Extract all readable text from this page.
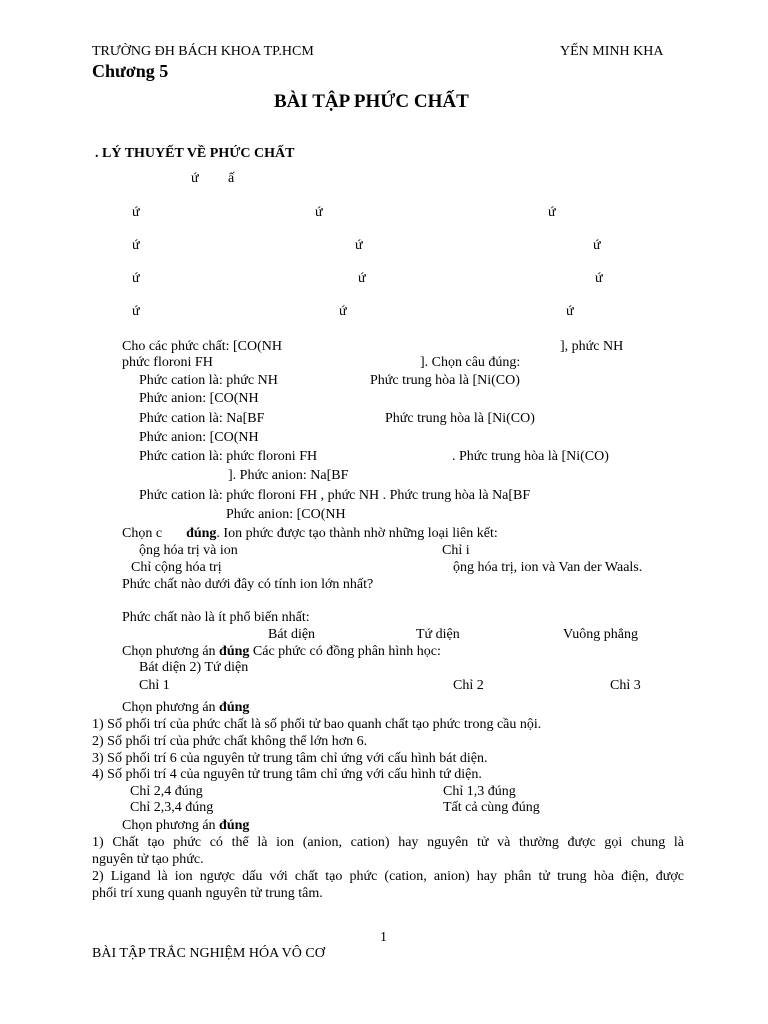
TRƯỜNG ĐH BÁCH KHOA TP.HCM	YẾN MINH KHA
Chương 5
BÀI TẬP PHỨC CHẤT
. LÝ THUYẾT VỀ PHỨC CHẤT
ứ ấ
ứ	ứ	ứ
ứ	ứ	ứ
ứ	ứ	ứ
ứ	ứ	ứ
Cho các phức chất: [CO(NH	], phức NH
phức floroni FH	]. Chọn câu đúng:
Phức cation là: phức NH	Phức trung hòa là [Ni(CO)
Phức anion: [CO(NH
Phức cation là: Na[BF	Phức trung hòa là [Ni(CO)
Phức anion: [CO(NH
Phức cation là: phức floroni FH	. Phức trung hòa là [Ni(CO)
]. Phức anion: Na[BF
Phức cation là: phức floroni FH , phức NH . Phức trung hòa là Na[BF
Phức anion: [CO(NH
Chọn c đúng. Ion phức được tạo thành nhờ những loại liên kết:
ộng hóa trị và ion	Chỉ i
Chỉ cộng hóa trị	ộng hóa trị, ion và Van der Waals.
Phức chất nào dưới đây có tính ion lớn nhất?
Phức chất nào là ít phổ biến nhất:
Bát diện	Tứ diện	Vuông phẳng
Chọn phương án đúng Các phức có đồng phân hình học:
Bát diện 2) Tứ diện
Chỉ 1	Chỉ 2	Chỉ 3
Chọn phương án đúng
1) Số phối trí của phức chất là số phối tử bao quanh chất tạo phức trong cầu nội.
2) Số phối trí của phức chất không thể lớn hơn 6.
3) Số phối trí 6 của nguyên tử trung tâm chỉ ứng với cấu hình bát diện.
4) Số phối trí 4 của nguyên tử trung tâm chỉ ứng với cấu hình tứ diện.
Chỉ 2,4 đúng	Chỉ 1,3 đúng
Chỉ 2,3,4 đúng	Tất cả cùng đúng
Chọn phương án đúng
1) Chất tạo phức có thể là ion (anion, cation) hay nguyên tử và thường được gọi chung là
nguyên tử tạo phức.
2) Ligand là ion ngược dấu với chất tạo phức (cation, anion) hay phân tử trung hòa điện, được
phối trí xung quanh nguyên tử trung tâm.
1
BÀI TẬP TRẮC NGHIỆM HÓA VÔ CƠ
